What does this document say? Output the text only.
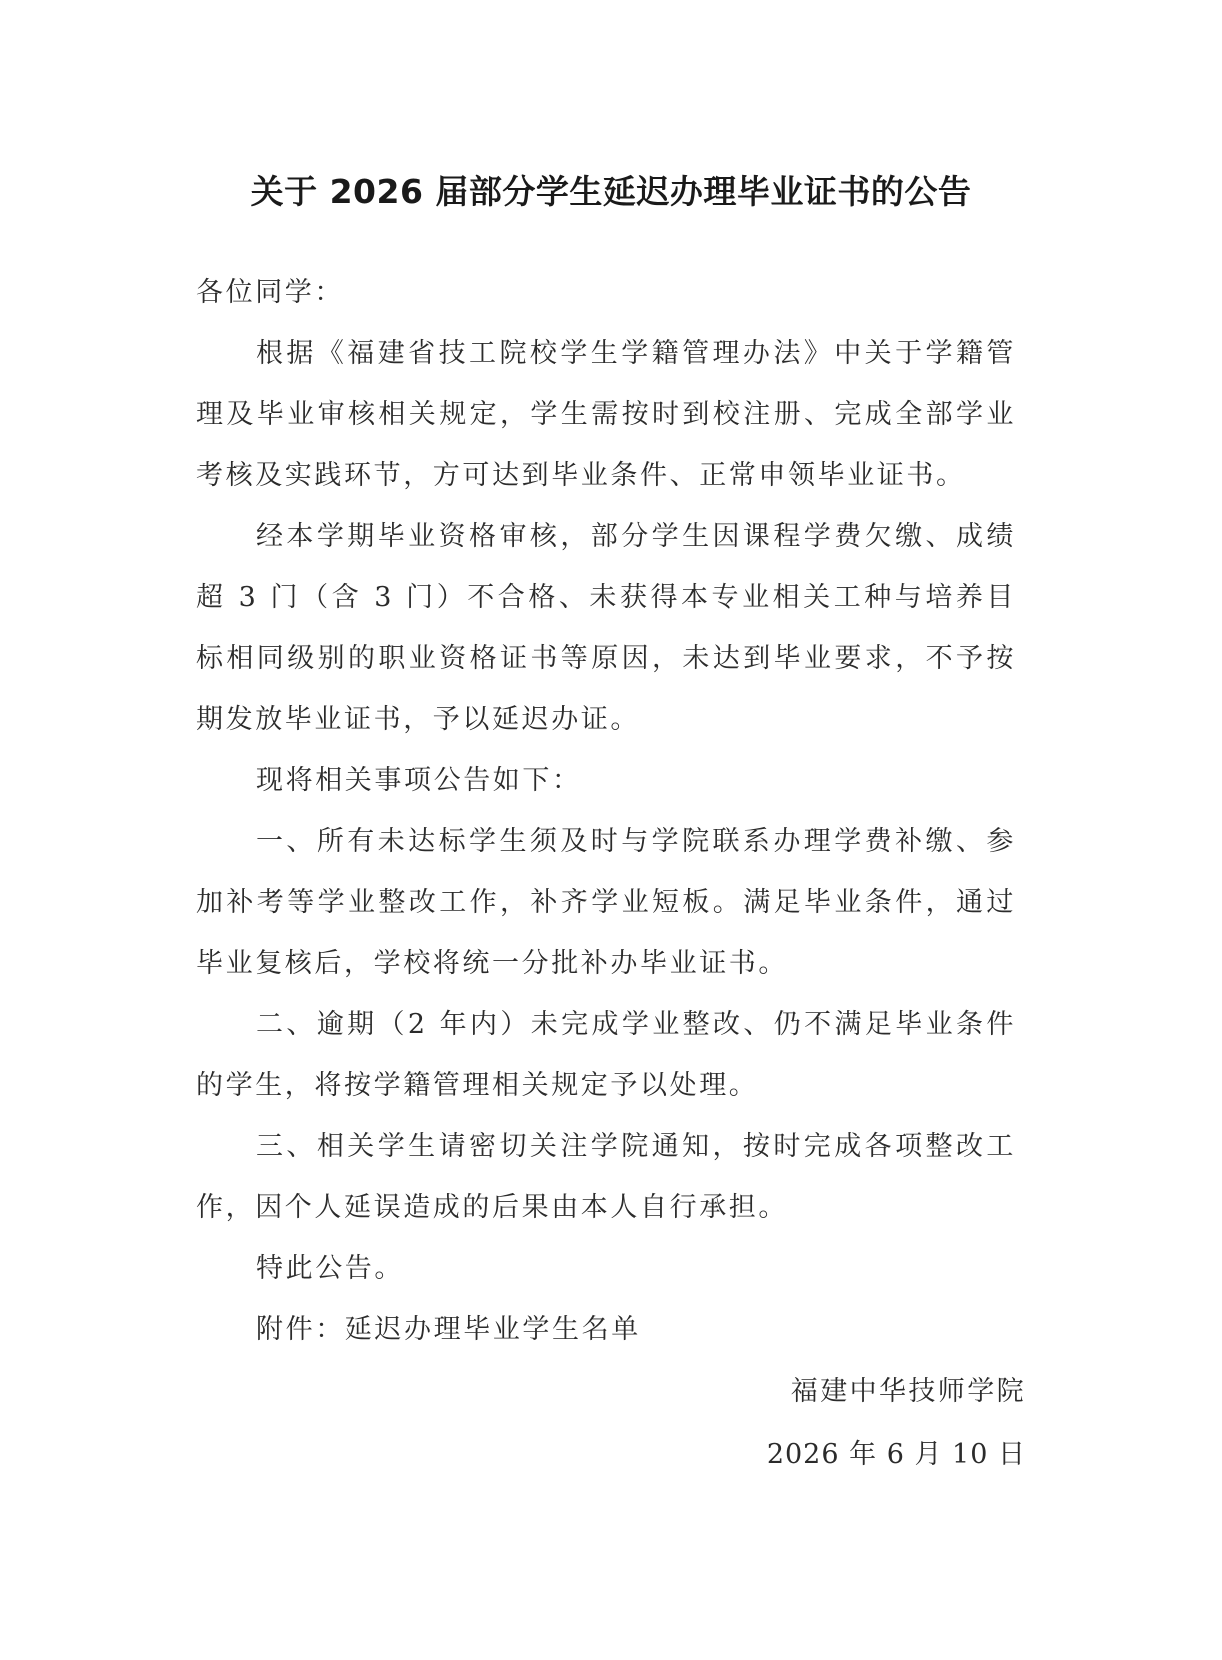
关于 2026 届部分学生延迟办理毕业证书的公告

各位同学：

根据《福建省技工院校学生学籍管理办法》中关于学籍管理及毕业审核相关规定，学生需按时到校注册、完成全部学业考核及实践环节，方可达到毕业条件、正常申领毕业证书。

经本学期毕业资格审核，部分学生因课程学费欠缴、成绩超 3 门（含 3 门）不合格、未获得本专业相关工种与培养目标相同级别的职业资格证书等原因，未达到毕业要求，不予按期发放毕业证书，予以延迟办证。

现将相关事项公告如下：

一、所有未达标学生须及时与学院联系办理学费补缴、参加补考等学业整改工作，补齐学业短板。满足毕业条件，通过毕业复核后，学校将统一分批补办毕业证书。

二、逾期（2 年内）未完成学业整改、仍不满足毕业条件的学生，将按学籍管理相关规定予以处理。

三、相关学生请密切关注学院通知，按时完成各项整改工作，因个人延误造成的后果由本人自行承担。

特此公告。

附件：延迟办理毕业学生名单

福建中华技师学院
2026 年 6 月 10 日
